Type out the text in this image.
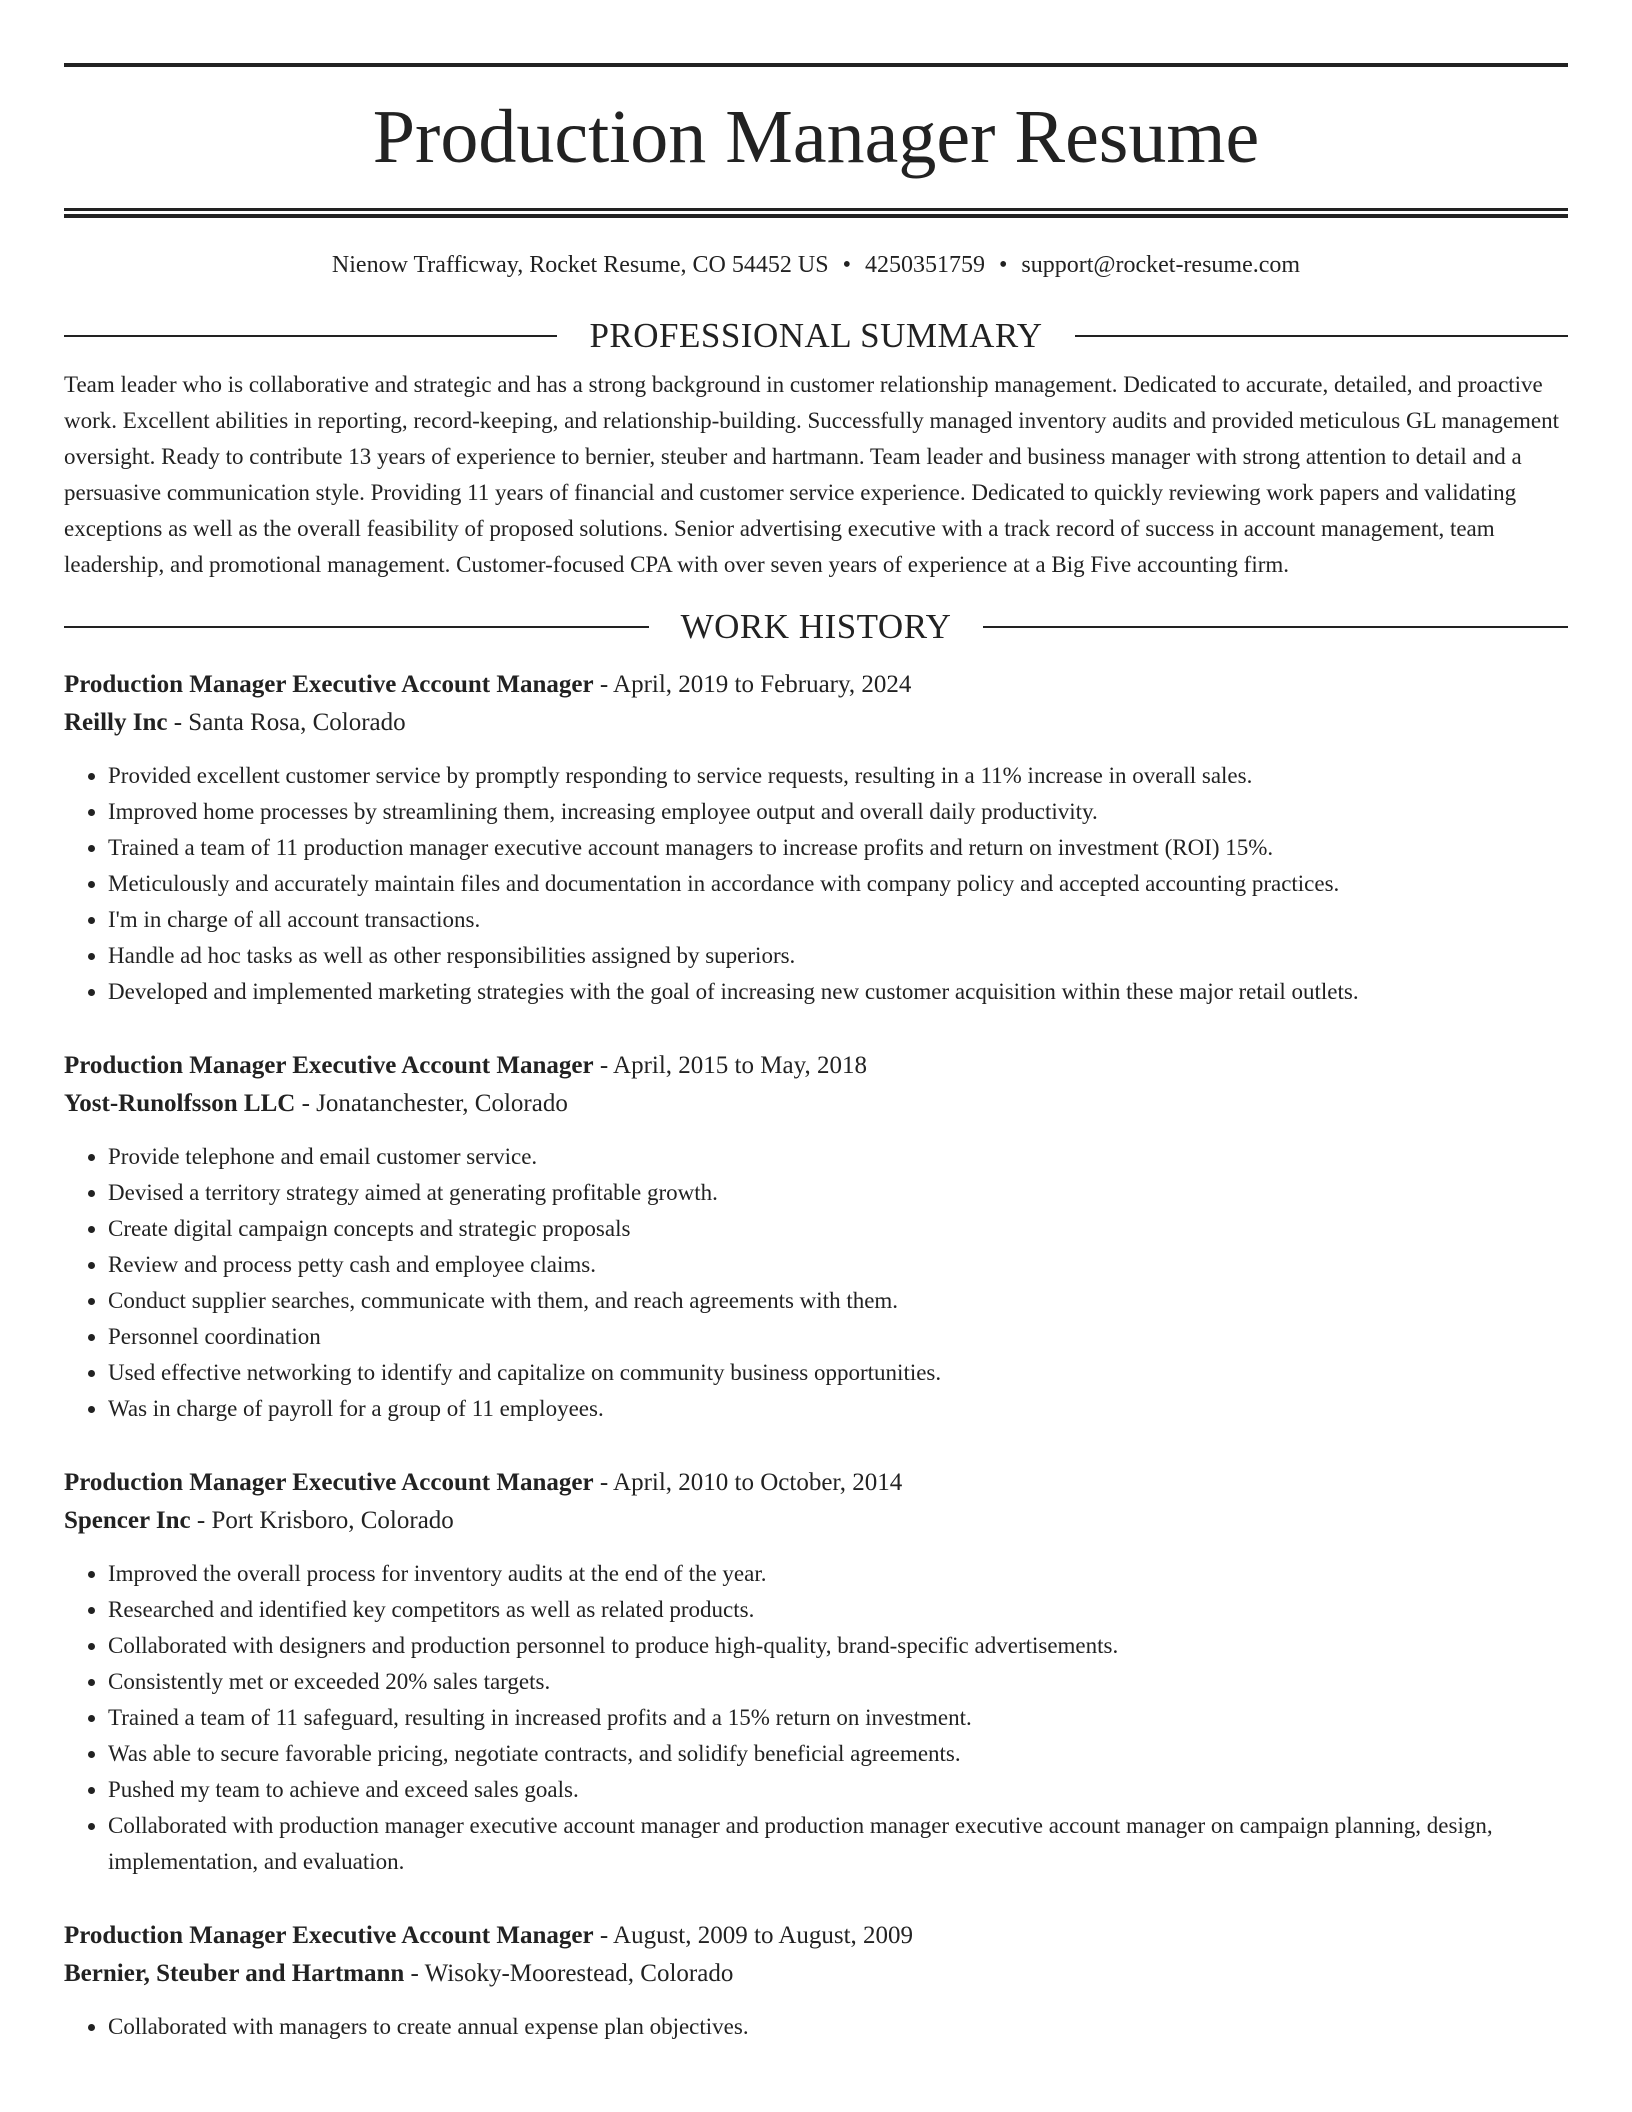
Production Manager Resume
Nienow Trafficway, Rocket Resume, CO 54452 US • 4250351759 • support@rocket-resume.com
PROFESSIONAL SUMMARY
Team leader who is collaborative and strategic and has a strong background in customer relationship management. Dedicated to accurate, detailed, and proactive work. Excellent abilities in reporting, record-keeping, and relationship-building. Successfully managed inventory audits and provided meticulous GL management oversight. Ready to contribute 13 years of experience to bernier, steuber and hartmann. Team leader and business manager with strong attention to detail and a persuasive communication style. Providing 11 years of financial and customer service experience. Dedicated to quickly reviewing work papers and validating exceptions as well as the overall feasibility of proposed solutions. Senior advertising executive with a track record of success in account management, team leadership, and promotional management. Customer-focused CPA with over seven years of experience at a Big Five accounting firm.
WORK HISTORY
Production Manager Executive Account Manager - April, 2019 to February, 2024
Reilly Inc - Santa Rosa, Colorado
• Provided excellent customer service by promptly responding to service requests, resulting in a 11% increase in overall sales.
• Improved home processes by streamlining them, increasing employee output and overall daily productivity.
• Trained a team of 11 production manager executive account managers to increase profits and return on investment (ROI) 15%.
• Meticulously and accurately maintain files and documentation in accordance with company policy and accepted accounting practices.
• I'm in charge of all account transactions.
• Handle ad hoc tasks as well as other responsibilities assigned by superiors.
• Developed and implemented marketing strategies with the goal of increasing new customer acquisition within these major retail outlets.
Production Manager Executive Account Manager - April, 2015 to May, 2018
Yost-Runolfsson LLC - Jonatanchester, Colorado
• Provide telephone and email customer service.
• Devised a territory strategy aimed at generating profitable growth.
• Create digital campaign concepts and strategic proposals
• Review and process petty cash and employee claims.
• Conduct supplier searches, communicate with them, and reach agreements with them.
• Personnel coordination
• Used effective networking to identify and capitalize on community business opportunities.
• Was in charge of payroll for a group of 11 employees.
Production Manager Executive Account Manager - April, 2010 to October, 2014
Spencer Inc - Port Krisboro, Colorado
• Improved the overall process for inventory audits at the end of the year.
• Researched and identified key competitors as well as related products.
• Collaborated with designers and production personnel to produce high-quality, brand-specific advertisements.
• Consistently met or exceeded 20% sales targets.
• Trained a team of 11 safeguard, resulting in increased profits and a 15% return on investment.
• Was able to secure favorable pricing, negotiate contracts, and solidify beneficial agreements.
• Pushed my team to achieve and exceed sales goals.
• Collaborated with production manager executive account manager and production manager executive account manager on campaign planning, design, implementation, and evaluation.
Production Manager Executive Account Manager - August, 2009 to August, 2009
Bernier, Steuber and Hartmann - Wisoky-Moorestead, Colorado
• Collaborated with managers to create annual expense plan objectives.
